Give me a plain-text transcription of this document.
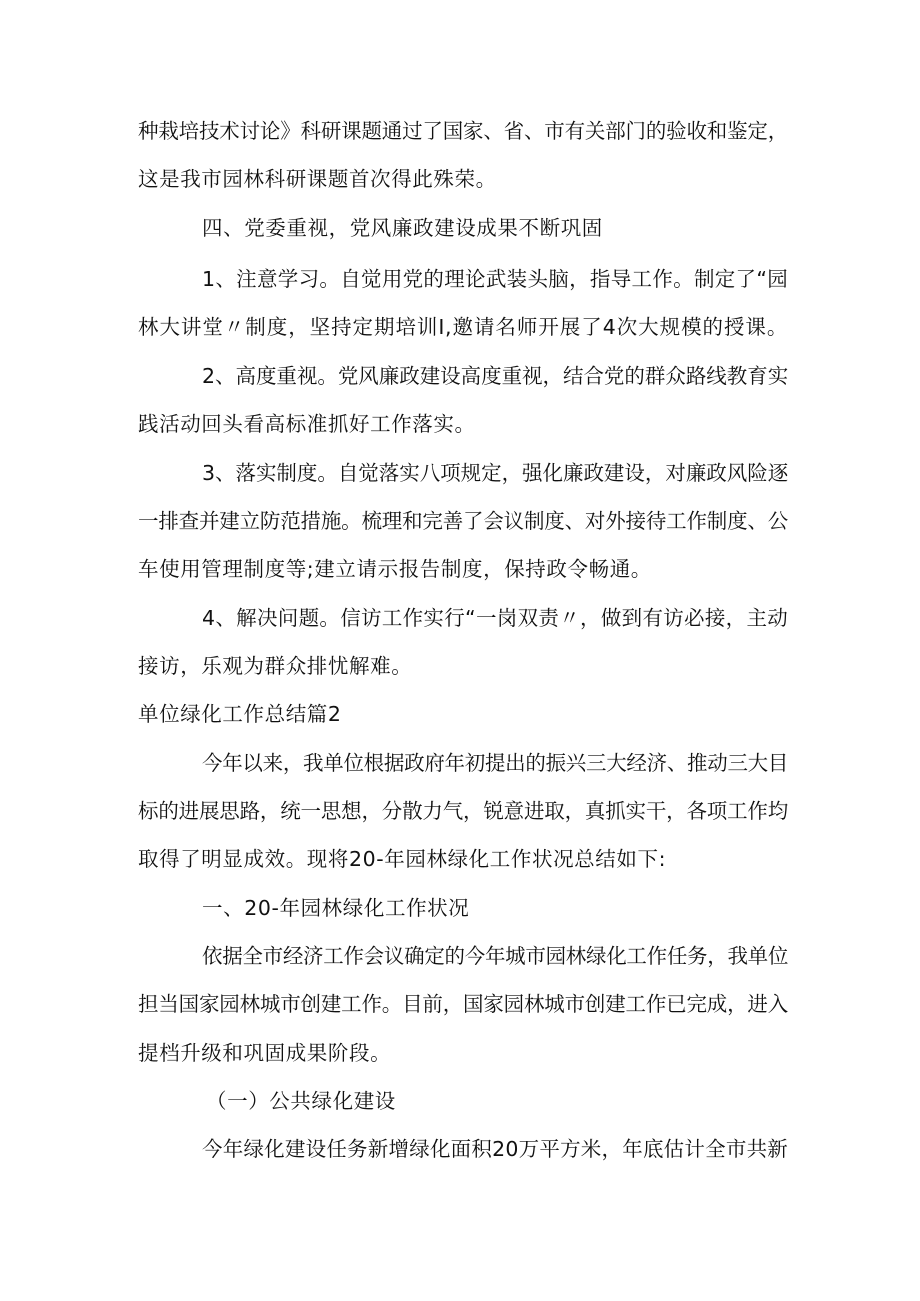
种栽培技术讨论》科研课题通过了国家、省、市有关部门的验收和鉴定，
这是我市园林科研课题首次得此殊荣。
四、党委重视，党风廉政建设成果不断巩固
1、注意学习。自觉用党的理论武装头脑，指导工作。制定了“园
林大讲堂〃制度，坚持定期培训I,邀请名师开展了4次大规模的授课。
2、高度重视。党风廉政建设高度重视，结合党的群众路线教育实
践活动回头看高标准抓好工作落实。
3、落实制度。自觉落实八项规定，强化廉政建设，对廉政风险逐
一排查并建立防范措施。梳理和完善了会议制度、对外接待工作制度、公
车使用管理制度等;建立请示报告制度，保持政令畅通。
4、解决问题。信访工作实行“一岗双责〃，做到有访必接，主动
接访，乐观为群众排忧解难。
单位绿化工作总结篇2
今年以来，我单位根据政府年初提出的振兴三大经济、推动三大目
标的进展思路，统一思想，分散力气，锐意进取，真抓实干，各项工作均
取得了明显成效。现将20-年园林绿化工作状况总结如下:
一、20-年园林绿化工作状况
依据全市经济工作会议确定的今年城市园林绿化工作任务，我单位
担当国家园林城市创建工作。目前，国家园林城市创建工作已完成，进入
提档升级和巩固成果阶段。
（一）公共绿化建设
今年绿化建设任务新增绿化面积20万平方米，年底估计全市共新
